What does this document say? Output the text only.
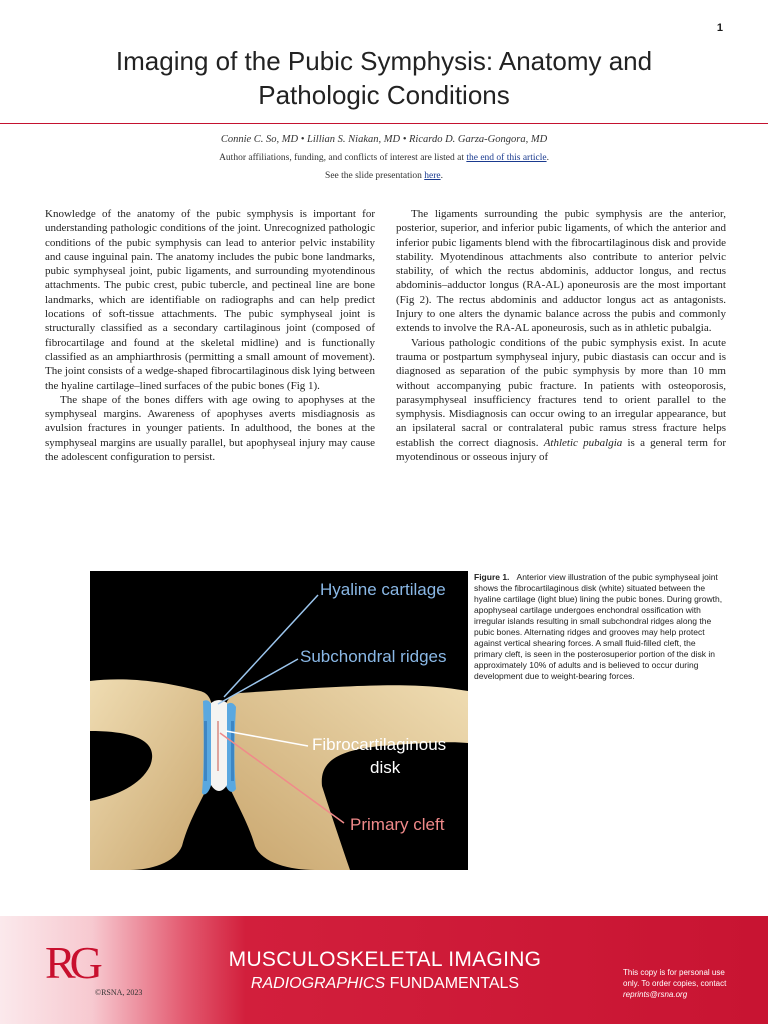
1
Imaging of the Pubic Symphysis: Anatomy and
Pathologic Conditions
Connie C. So, MD • Lillian S. Niakan, MD • Ricardo D. Garza-Gongora, MD
Author affiliations, funding, and conflicts of interest are listed at the end of this article.
See the slide presentation here.

Knowledge of the anatomy of the pubic symphysis is important for understanding pathologic conditions of the joint. Unrecognized pathologic conditions of the pubic symphysis can lead to anterior pelvic instability and cause inguinal pain. The anatomy includes the pubic bone landmarks, pubic symphyseal joint, pubic ligaments, and surrounding myotendinous attachments. The pubic crest, pubic tubercle, and pectineal line are bone landmarks, which are identifiable on radiographs and can help predict locations of soft-tissue attachments. The pubic symphyseal joint is structurally classified as a secondary cartilaginous joint (composed of fibrocartilage and found at the skeletal midline) and is functionally classified as an amphiarthrosis (permitting a small amount of movement). The joint consists of a wedge-shaped fibrocartilaginous disk lying between the hyaline cartilage–lined surfaces of the pubic bones (Fig 1).

The shape of the bones differs with age owing to apophyses at the symphyseal margins. Awareness of apophyses averts misdiagnosis as avulsion fractures in younger patients. In adulthood, the bones at the symphyseal margins are usually parallel, but apophyseal injury may cause the adolescent configuration to persist.

The ligaments surrounding the pubic symphysis are the anterior, posterior, superior, and inferior pubic ligaments, of which the anterior and inferior pubic ligaments blend with the fibrocartilaginous disk and provide stability. Myotendinous attachments also contribute to anterior pelvic stability, of which the rectus abdominis, adductor longus, and rectus abdominis–adductor longus (RA-AL) aponeurosis are the most important (Fig 2). The rectus abdominis and adductor longus act as antagonists. Injury to one alters the dynamic balance across the pubis and commonly extends to involve the RA-AL aponeurosis, such as in athletic pubalgia.

Various pathologic conditions of the pubic symphysis exist. In acute trauma or postpartum symphyseal injury, pubic diastasis can occur and is diagnosed as separation of the pubic symphysis by more than 10 mm without accompanying pubic fracture. In patients with osteoporosis, parasymphyseal insufficiency fractures tend to orient parallel to the symphysis. Misdiagnosis can occur owing to an irregular appearance, but an ipsilateral sacral or contralateral pubic ramus stress fracture helps establish the correct diagnosis. Athletic pubalgia is a general term for myotendinous or osseous injury of

Hyaline cartilage
Subchondral ridges
Fibrocartilaginous
disk
Primary cleft
Figure 1. Anterior view illustration of the pubic symphyseal joint shows the fibrocartilaginous disk (white) situated between the hyaline cartilage (light blue) lining the pubic bones. During growth, apophyseal cartilage undergoes enchondral ossification with irregular islands resulting in small subchondral ridges along the pubic bones. Alternating ridges and grooves may help protect against vertical shearing forces. A small fluid-filled cleft, the primary cleft, is seen in the posterosuperior portion of the disk in approximately 10% of adults and is believed to occur during development due to weight-bearing forces.
RG
©RSNA, 2023
MUSCULOSKELETAL IMAGING
RADIOGRAPHICS FUNDAMENTALS
This copy is for personal use only. To order copies, contact reprints@rsna.org
